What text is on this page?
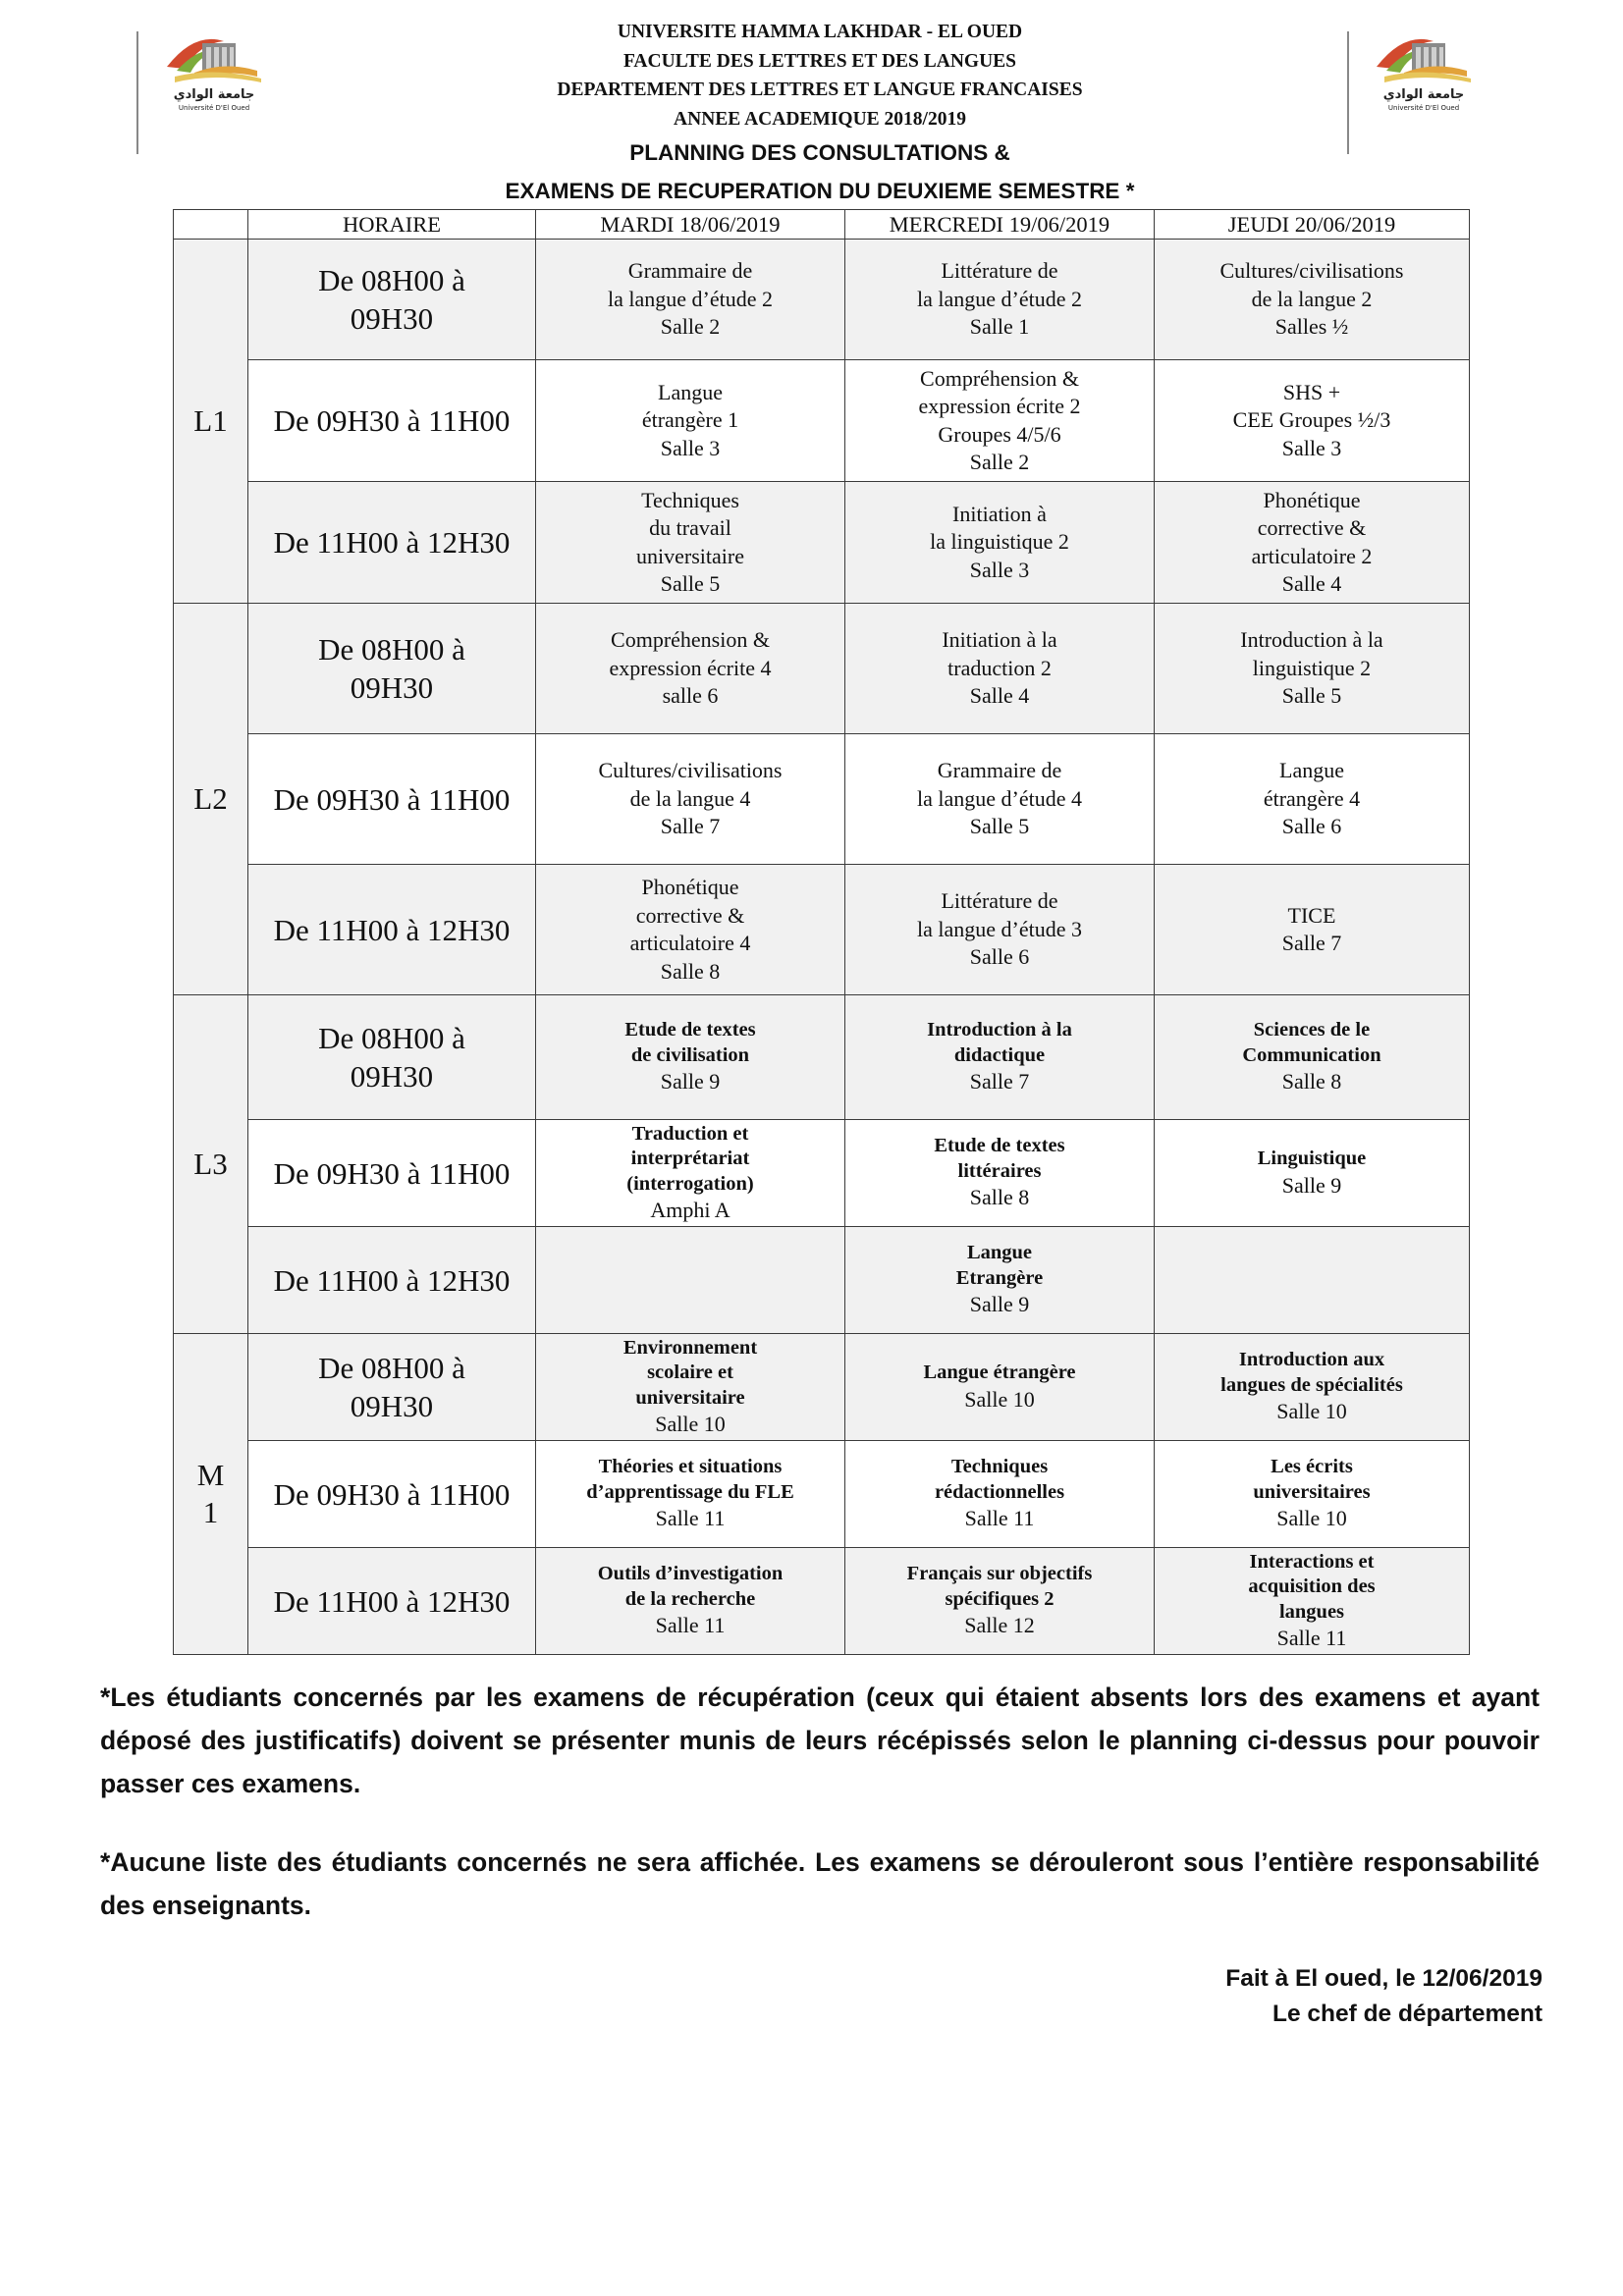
جامعة الوادي
Université D'El Oued
جامعة الوادي
Université D'El Oued
UNIVERSITE HAMMA LAKHDAR - EL OUED
FACULTE DES LETTRES ET DES LANGUES
DEPARTEMENT DES LETTRES ET LANGUE FRANCAISES
ANNEE ACADEMIQUE 2018/2019
PLANNING DES CONSULTATIONS &
EXAMENS DE RECUPERATION DU DEUXIEME SEMESTRE *
	HORAIRE	MARDI 18/06/2019	MERCREDI 19/06/2019	JEUDI 20/06/2019

L1	De 08H00 à
09H30	Grammaire de
la langue d’étude 2
Salle 2	Littérature de
la langue d’étude 2
Salle 1	Cultures/civilisations
de la langue 2
Salles ½

	De 09H30 à 11H00	Langue
étrangère 1
Salle 3	Compréhension &
expression écrite 2
Groupes 4/5/6
Salle 2	SHS +
CEE Groupes ½/3
Salle 3

	De 11H00 à 12H30	Techniques
du travail
universitaire
Salle 5	Initiation à
la linguistique 2
Salle 3	Phonétique
corrective &
articulatoire 2
Salle 4

L2	De 08H00 à
09H30	Compréhension &
expression écrite 4
salle 6	Initiation à la
traduction 2
Salle 4	Introduction à la
linguistique 2
Salle 5

	De 09H30 à 11H00	Cultures/civilisations
de la langue 4
Salle 7	Grammaire de
la langue d’étude 4
Salle 5	Langue
étrangère 4
Salle 6

	De 11H00 à 12H30	Phonétique
corrective &
articulatoire 4
Salle 8	Littérature de
la langue d’étude 3
Salle 6	TICE
Salle 7

L3	De 08H00 à
09H30	Etude de textes
de civilisation
Salle 9	Introduction à la
didactique
Salle 7	Sciences de le
Communication
Salle 8

	De 09H30 à 11H00	Traduction et
interprétariat
(interrogation)
Amphi A	Etude de textes
littéraires
Salle 8	Linguistique
Salle 9

	De 11H00 à 12H30		Langue
Etrangère
Salle 9	

M
1	De 08H00 à
09H30	Environnement
scolaire et
universitaire
Salle 10	Langue étrangère
Salle 10	Introduction aux
langues de spécialités
Salle 10

	De 09H30 à 11H00	Théories et situations
d’apprentissage du FLE
Salle 11	Techniques
rédactionnelles
Salle 11	Les écrits
universitaires
Salle 10

	De 11H00 à 12H30	Outils d’investigation
de la recherche
Salle 11	Français sur objectifs
spécifiques 2
Salle 12	Interactions et
acquisition des
langues
Salle 11
*Les étudiants concernés par les examens de récupération (ceux qui étaient absents lors des examens et ayant déposé des justificatifs) doivent se présenter munis de leurs récépissés selon le planning ci-dessus pour pouvoir passer ces examens.
*Aucune liste des étudiants concernés ne sera affichée. Les examens se dérouleront sous l’entière responsabilité des enseignants.
Fait à El oued, le 12/06/2019
Le chef de département
